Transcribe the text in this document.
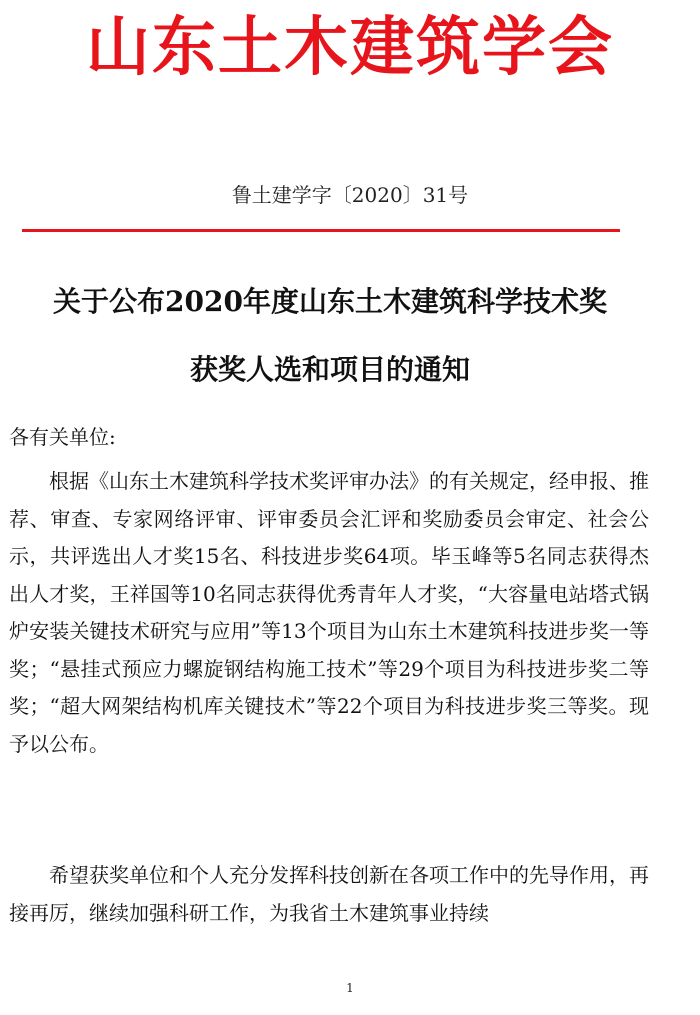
山东土木建筑学会
鲁土建学字〔2020〕31号
关于公布2020年度山东土木建筑科学技术奖
获奖人选和项目的通知
各有关单位:
根据《山东土木建筑科学技术奖评审办法》的有关规定，经申报、推荐、审查、专家网络评审、评审委员会汇评和奖励委员会审定、社会公示，共评选出人才奖15名、科技进步奖64项。毕玉峰等5名同志获得杰出人才奖，王祥国等10名同志获得优秀青年人才奖，“大容量电站塔式锅炉安装关键技术研究与应用”等13个项目为山东土木建筑科技进步奖一等奖；“悬挂式预应力螺旋钢结构施工技术”等29个项目为科技进步奖二等奖；“超大网架结构机库关键技术”等22个项目为科技进步奖三等奖。现予以公布。
希望获奖单位和个人充分发挥科技创新在各项工作中的先导作用，再接再厉，继续加强科研工作，为我省土木建筑事业持续
1
